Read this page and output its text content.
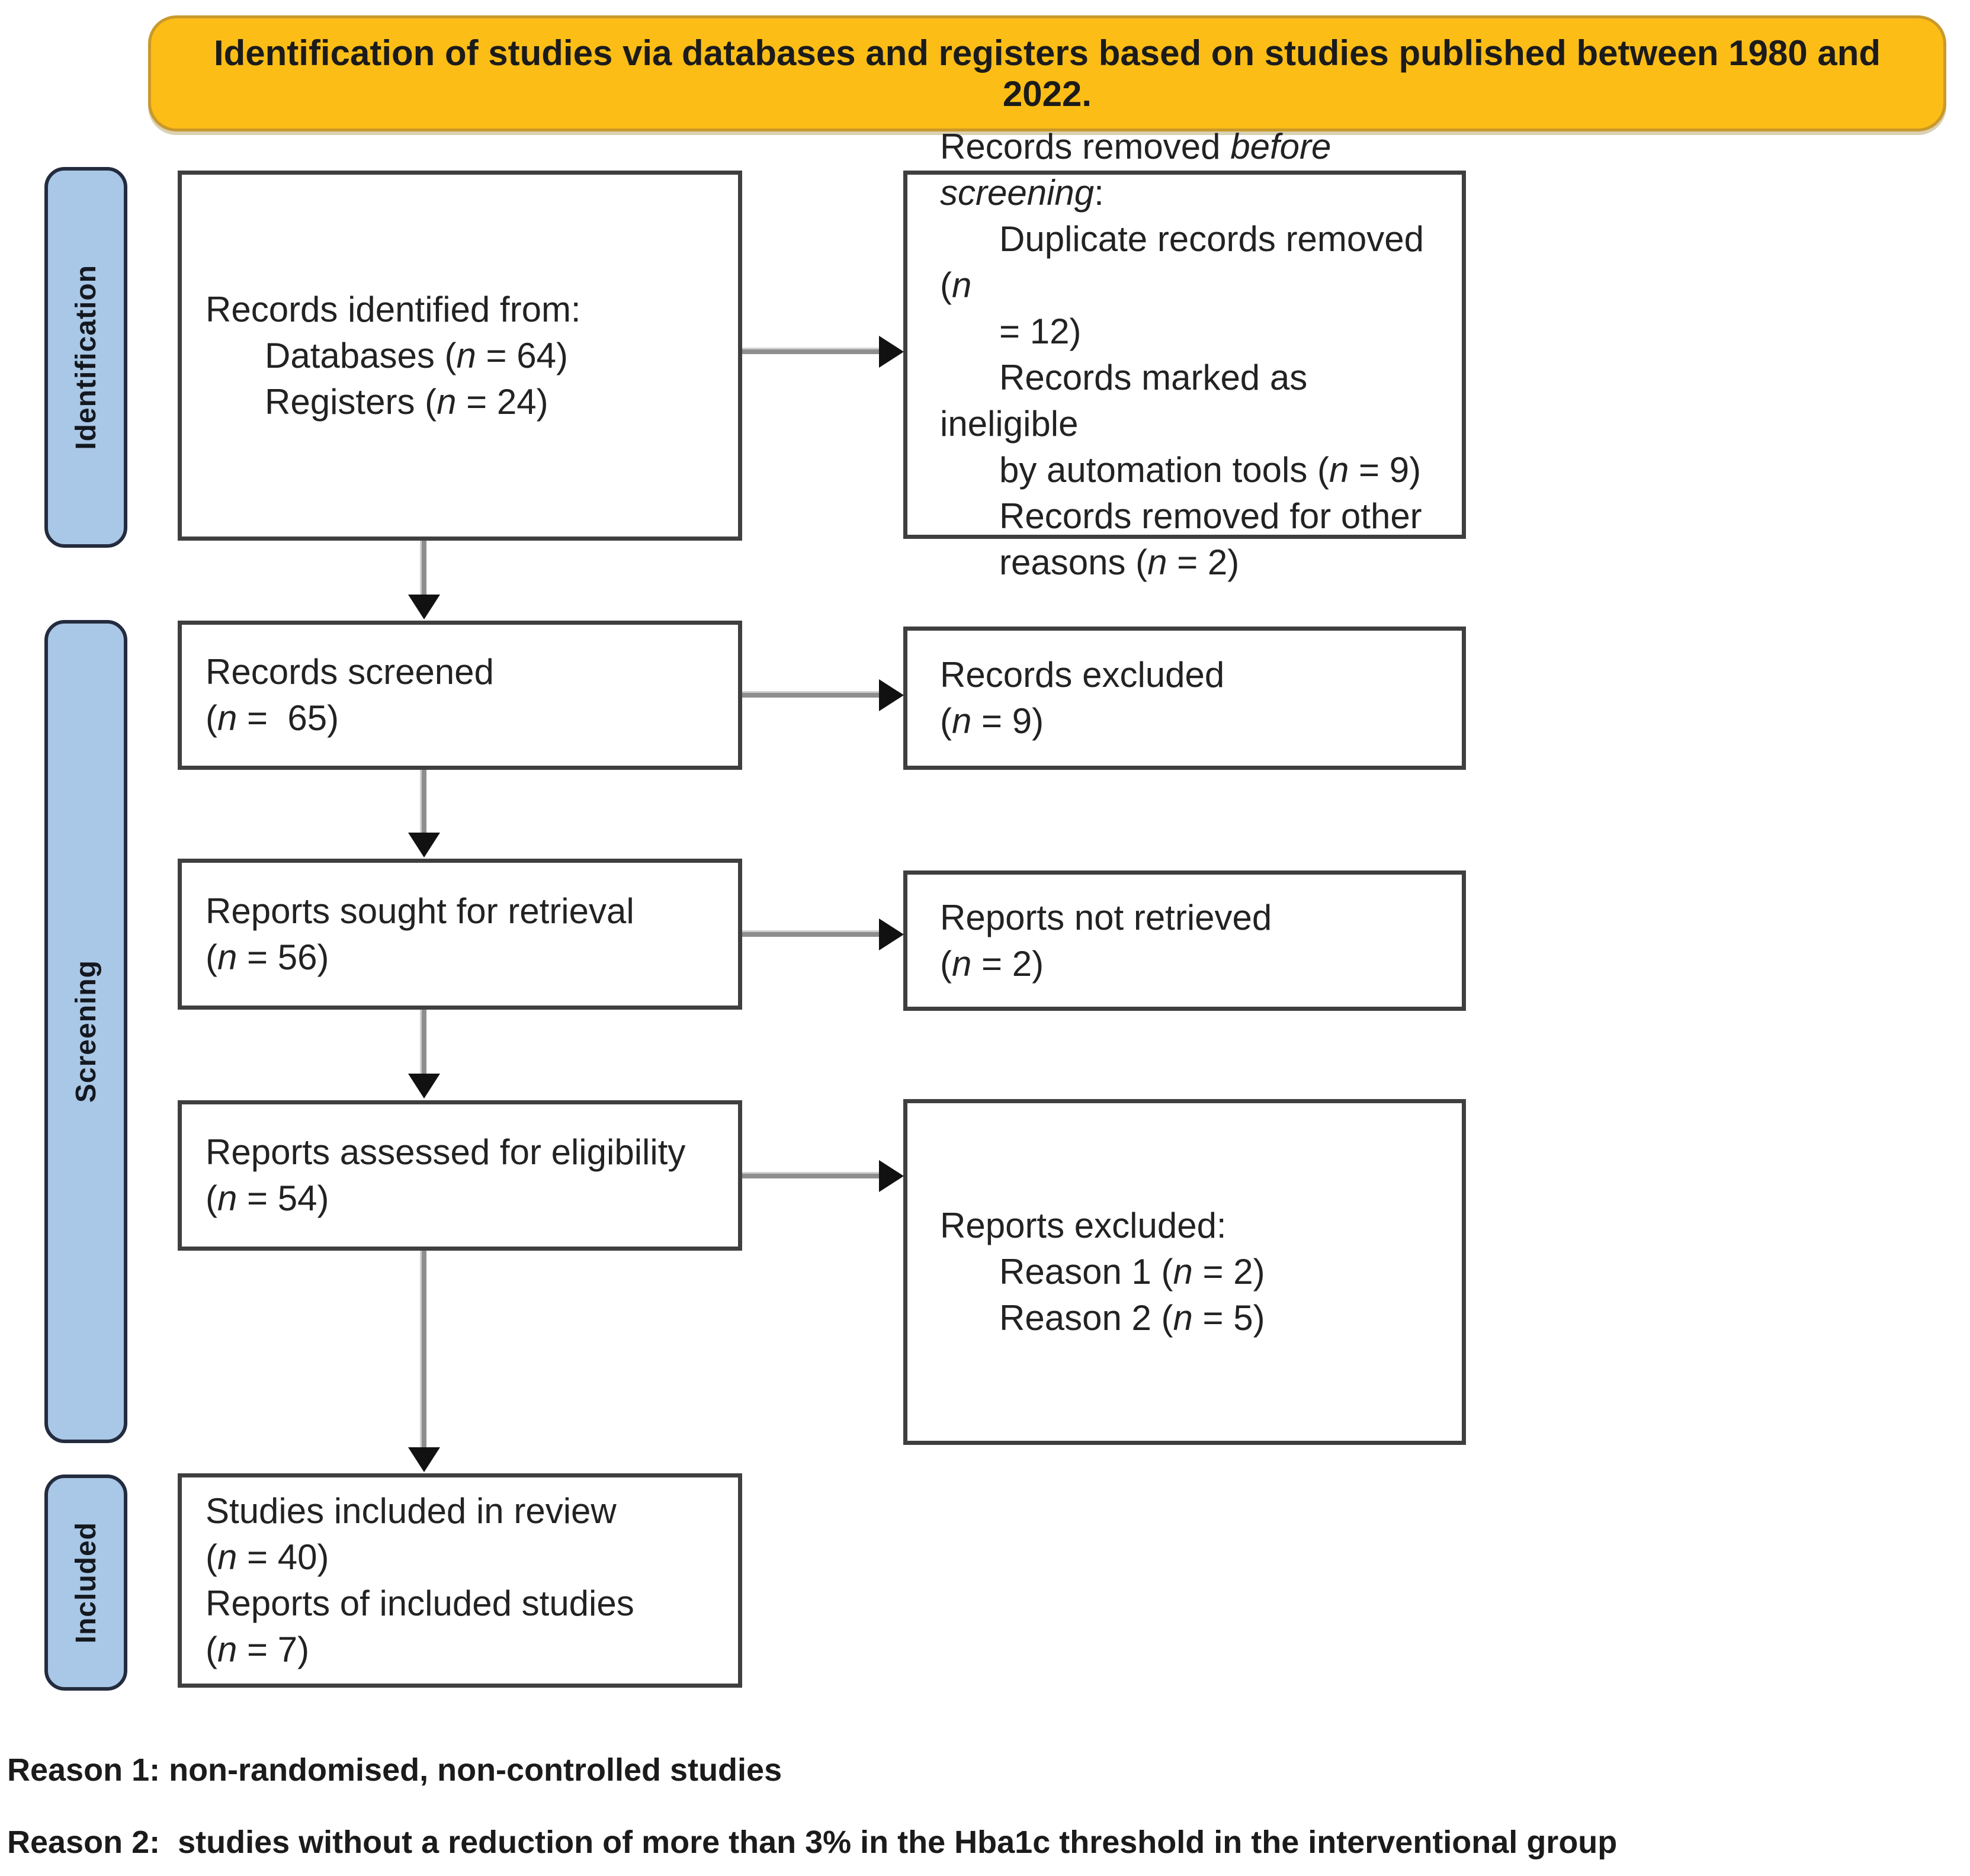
Identification of studies via databases and registers based on studies published between 1980 and 2022.
Identification
Screening
Included
Records identified from:
Databases (n = 64)
Registers (n = 24)
Records screened
(n =  65)
Reports sought for retrieval
(n = 56)
Reports assessed for eligibility
(n = 54)
Studies included in review
(n = 40)
Reports of included studies
(n = 7)
Records removed before
screening:
Duplicate records removed (n
= 12)
Records marked as ineligible
by automation tools (n = 9)
Records removed for other
reasons (n = 2)
Records excluded
(n = 9)
Reports not retrieved
(n = 2)
Reports excluded:
Reason 1 (n = 2)
Reason 2 (n = 5)
Reason 1: non-randomised, non-controlled studies
Reason 2:  studies without a reduction of more than 3% in the Hba1c threshold in the interventional group
